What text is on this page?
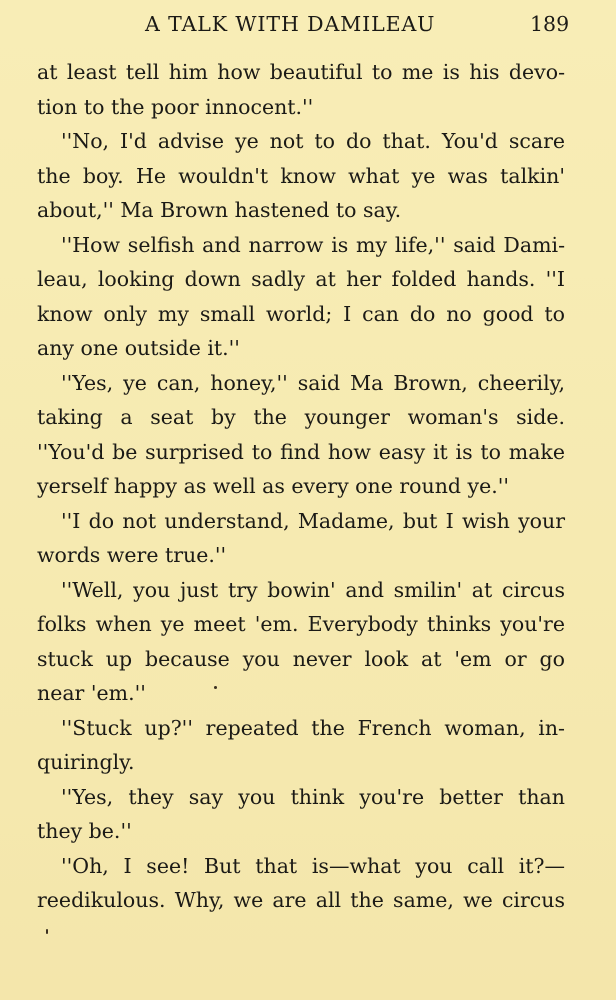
A TALK WITH DAMILEAU	189
at least tell him how beautiful to me is his devo-
tion to the poor innocent.''
''No, I'd advise ye not to do that. You'd scare
the boy. He wouldn't know what ye was talkin'
about,'' Ma Brown hastened to say.
''How selfish and narrow is my life,'' said Dami-
leau, looking down sadly at her folded hands. ''I
know only my small world; I can do no good to
any one outside it.''
''Yes, ye can, honey,'' said Ma Brown, cheerily,
taking a seat by the younger woman's side.
''You'd be surprised to find how easy it is to make
yerself happy as well as every one round ye.''
''I do not understand, Madame, but I wish your
words were true.''
''Well, you just try bowin' and smilin' at circus
folks when ye meet 'em. Everybody thinks you're
stuck up because you never look at 'em or go
near 'em.''
''Stuck up?'' repeated the French woman, in-
quiringly.
''Yes, they say you think you're better than
they be.''
''Oh, I see! But that is—what you call it?—
reedikulous. Why, we are all the same, we circus
